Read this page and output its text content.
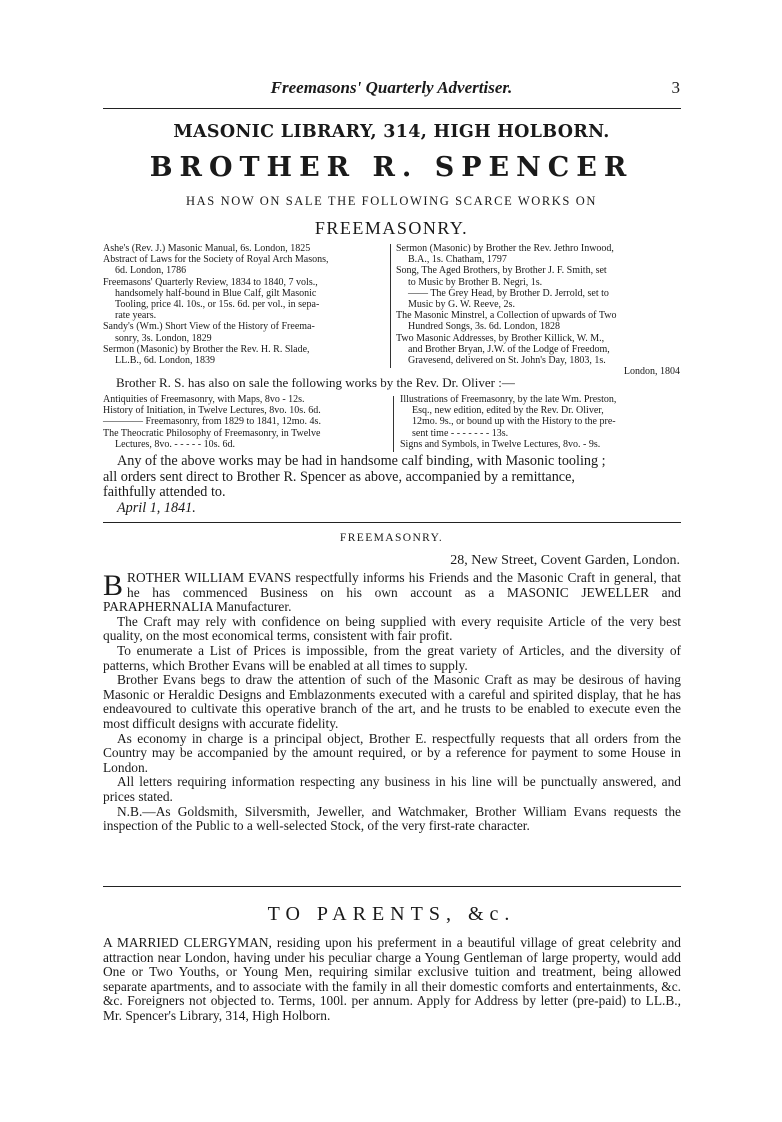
Freemasons' Quarterly Advertiser.	3
MASONIC LIBRARY, 314, HIGH HOLBORN.
BROTHER R. SPENCER
HAS NOW ON SALE THE FOLLOWING SCARCE WORKS ON
FREEMASONRY.

Ashe's (Rev. J.) Masonic Manual, 6s. London, 1825

Abstract of Laws for the Society of Royal Arch Masons,

6d. London, 1786

Freemasons' Quarterly Review, 1834 to 1840, 7 vols.,

handsomely half-bound in Blue Calf, gilt Masonic

Tooling, price 4l. 10s., or 15s. 6d. per vol., in sepa-

rate years.

Sandy's (Wm.) Short View of the History of Freema-

sonry, 3s. London, 1829

Sermon (Masonic) by Brother the Rev. H. R. Slade,

LL.B., 6d. London, 1839

Sermon (Masonic) by Brother the Rev. Jethro Inwood,

B.A., 1s. Chatham, 1797

Song, The Aged Brothers, by Brother J. F. Smith, set

to Music by Brother B. Negri, 1s.

—— The Grey Head, by Brother D. Jerrold, set to

Music by G. W. Reeve, 2s.

The Masonic Minstrel, a Collection of upwards of Two

Hundred Songs, 3s. 6d. London, 1828

Two Masonic Addresses, by Brother Killick, W. M.,

and Brother Bryan, J.W. of the Lodge of Freedom,

Gravesend, delivered on St. John's Day, 1803, 1s.

London, 1804

Brother R. S. has also on sale the following works by the Rev. Dr. Oliver :—

Antiquities of Freemasonry, with Maps, 8vo - 12s.

History of Initiation, in Twelve Lectures, 8vo. 10s. 6d.

———— Freemasonry, from 1829 to 1841, 12mo. 4s.

The Theocratic Philosophy of Freemasonry, in Twelve

Lectures, 8vo. - - - - - 10s. 6d.

Illustrations of Freemasonry, by the late Wm. Preston,

Esq., new edition, edited by the Rev. Dr. Oliver,

12mo. 9s., or bound up with the History to the pre-

sent time - - - - - - - 13s.

Signs and Symbols, in Twelve Lectures, 8vo. - 9s.

Any of the above works may be had in handsome calf binding, with Masonic tooling ;

all orders sent direct to Brother R. Spencer as above, accompanied by a remittance,

faithfully attended to.

April 1, 1841.

FREEMASONRY.
28, New Street, Covent Garden, London.

BROTHER WILLIAM EVANS respectfully informs his Friends and the Masonic Craft in general, that he has commenced Business on his own account as a MASONIC JEWELLER and PARAPHERNALIA Manufacturer.

The Craft may rely with confidence on being supplied with every requisite Article of the very best quality, on the most economical terms, consistent with fair profit.

To enumerate a List of Prices is impossible, from the great variety of Articles, and the diversity of patterns, which Brother Evans will be enabled at all times to supply.

Brother Evans begs to draw the attention of such of the Masonic Craft as may be desirous of having Masonic or Heraldic Designs and Emblazonments executed with a careful and spirited display, that he has endeavoured to cultivate this operative branch of the art, and he trusts to be enabled to execute even the most difficult designs with accurate fidelity.

As economy in charge is a principal object, Brother E. respectfully requests that all orders from the Country may be accompanied by the amount required, or by a reference for payment to some House in London.

All letters requiring information respecting any business in his line will be punctually answered, and prices stated.

N.B.—As Goldsmith, Silversmith, Jeweller, and Watchmaker, Brother William Evans requests the inspection of the Public to a well-selected Stock, of the very first-rate character.

TO PARENTS, &c.

A MARRIED CLERGYMAN, residing upon his preferment in a beautiful village of great celebrity and attraction near London, having under his peculiar charge a Young Gentleman of large property, would add One or Two Youths, or Young Men, requiring similar exclusive tuition and treatment, being allowed separate apartments, and to associate with the family in all their domestic comforts and entertainments, &c. &c. Foreigners not objected to. Terms, 100l. per annum. Apply for Address by letter (pre-paid) to LL.B., Mr. Spencer's Library, 314, High Holborn.
